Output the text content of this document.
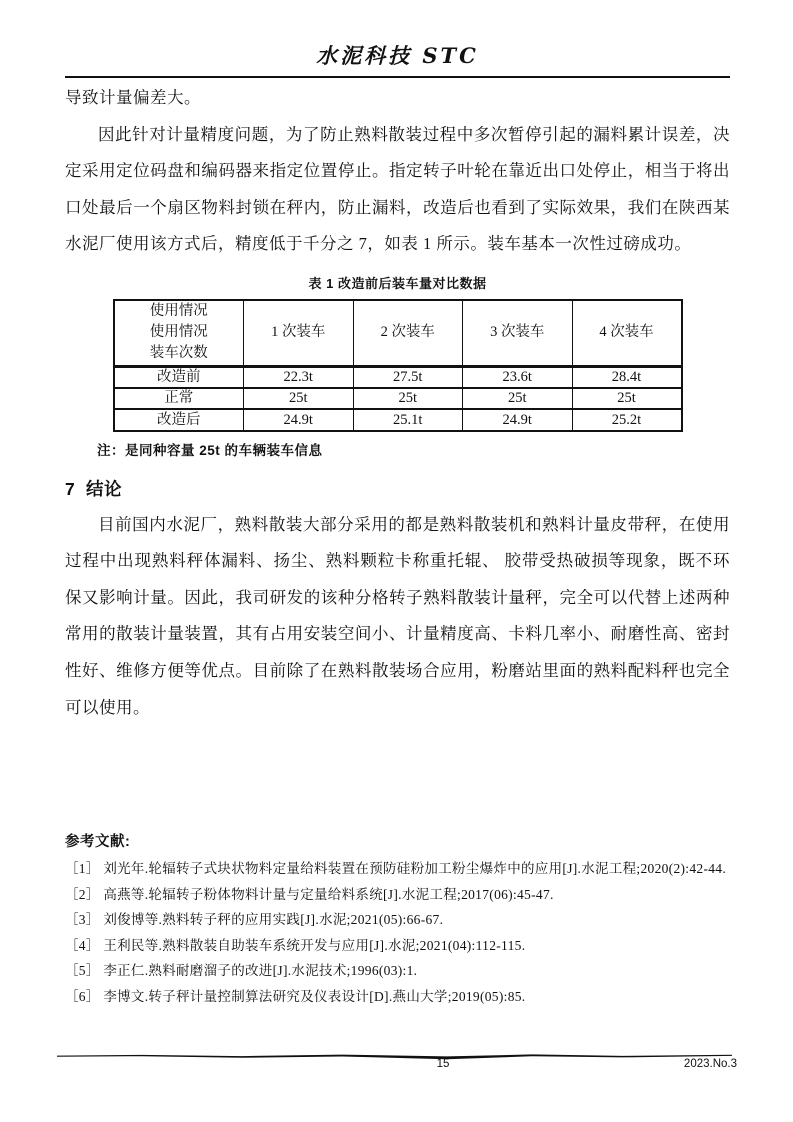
水泥科技 STC

导致计量偏差大。

因此针对计量精度问题，为了防止熟料散装过程中多次暂停引起的漏料累计误差，决定采用定位码盘和编码器来指定位置停止。指定转子叶轮在靠近出口处停止，相当于将出口处最后一个扇区物料封锁在秤内，防止漏料，改造后也看到了实际效果，我们在陕西某水泥厂使用该方式后，精度低于千分之 7，如表 1 所示。装车基本一次性过磅成功。

表 1 改造前后装车量对比数据
使用情况
使用情况
装车次数	1 次装车	2 次装车	3 次装车	4 次装车
改造前	22.3t	27.5t	23.6t	28.4t
正常	25t	25t	25t	25t
改造后	24.9t	25.1t	24.9t	25.2t
注：是同种容量 25t 的车辆装车信息
7  结论

目前国内水泥厂，熟料散装大部分采用的都是熟料散装机和熟料计量皮带秤，在使用过程中出现熟料秤体漏料、扬尘、熟料颗粒卡称重托辊、 胶带受热破损等现象，既不环保又影响计量。因此，我司研发的该种分格转子熟料散装计量秤，完全可以代替上述两种常用的散装计量装置，其有占用安装空间小、计量精度高、卡料几率小、耐磨性高、密封性好、维修方便等优点。目前除了在熟料散装场合应用，粉磨站里面的熟料配料秤也完全可以使用。

参考文献:

［1］ 刘光年.轮辐转子式块状物料定量给料装置在预防硅粉加工粉尘爆炸中的应用[J].水泥工程;2020(2):42-44.

［2］ 高燕等.轮辐转子粉体物料计量与定量给料系统[J].水泥工程;2017(06):45-47.

［3］ 刘俊博等.熟料转子秤的应用实践[J].水泥;2021(05):66-67.

［4］ 王利民等.熟料散装自助装车系统开发与应用[J].水泥;2021(04):112-115.

［5］ 李正仁.熟料耐磨溜子的改进[J].水泥技术;1996(03):1.

［6］ 李博文.转子秤计量控制算法研究及仪表设计[D].燕山大学;2019(05):85.

15	2023.No.3
